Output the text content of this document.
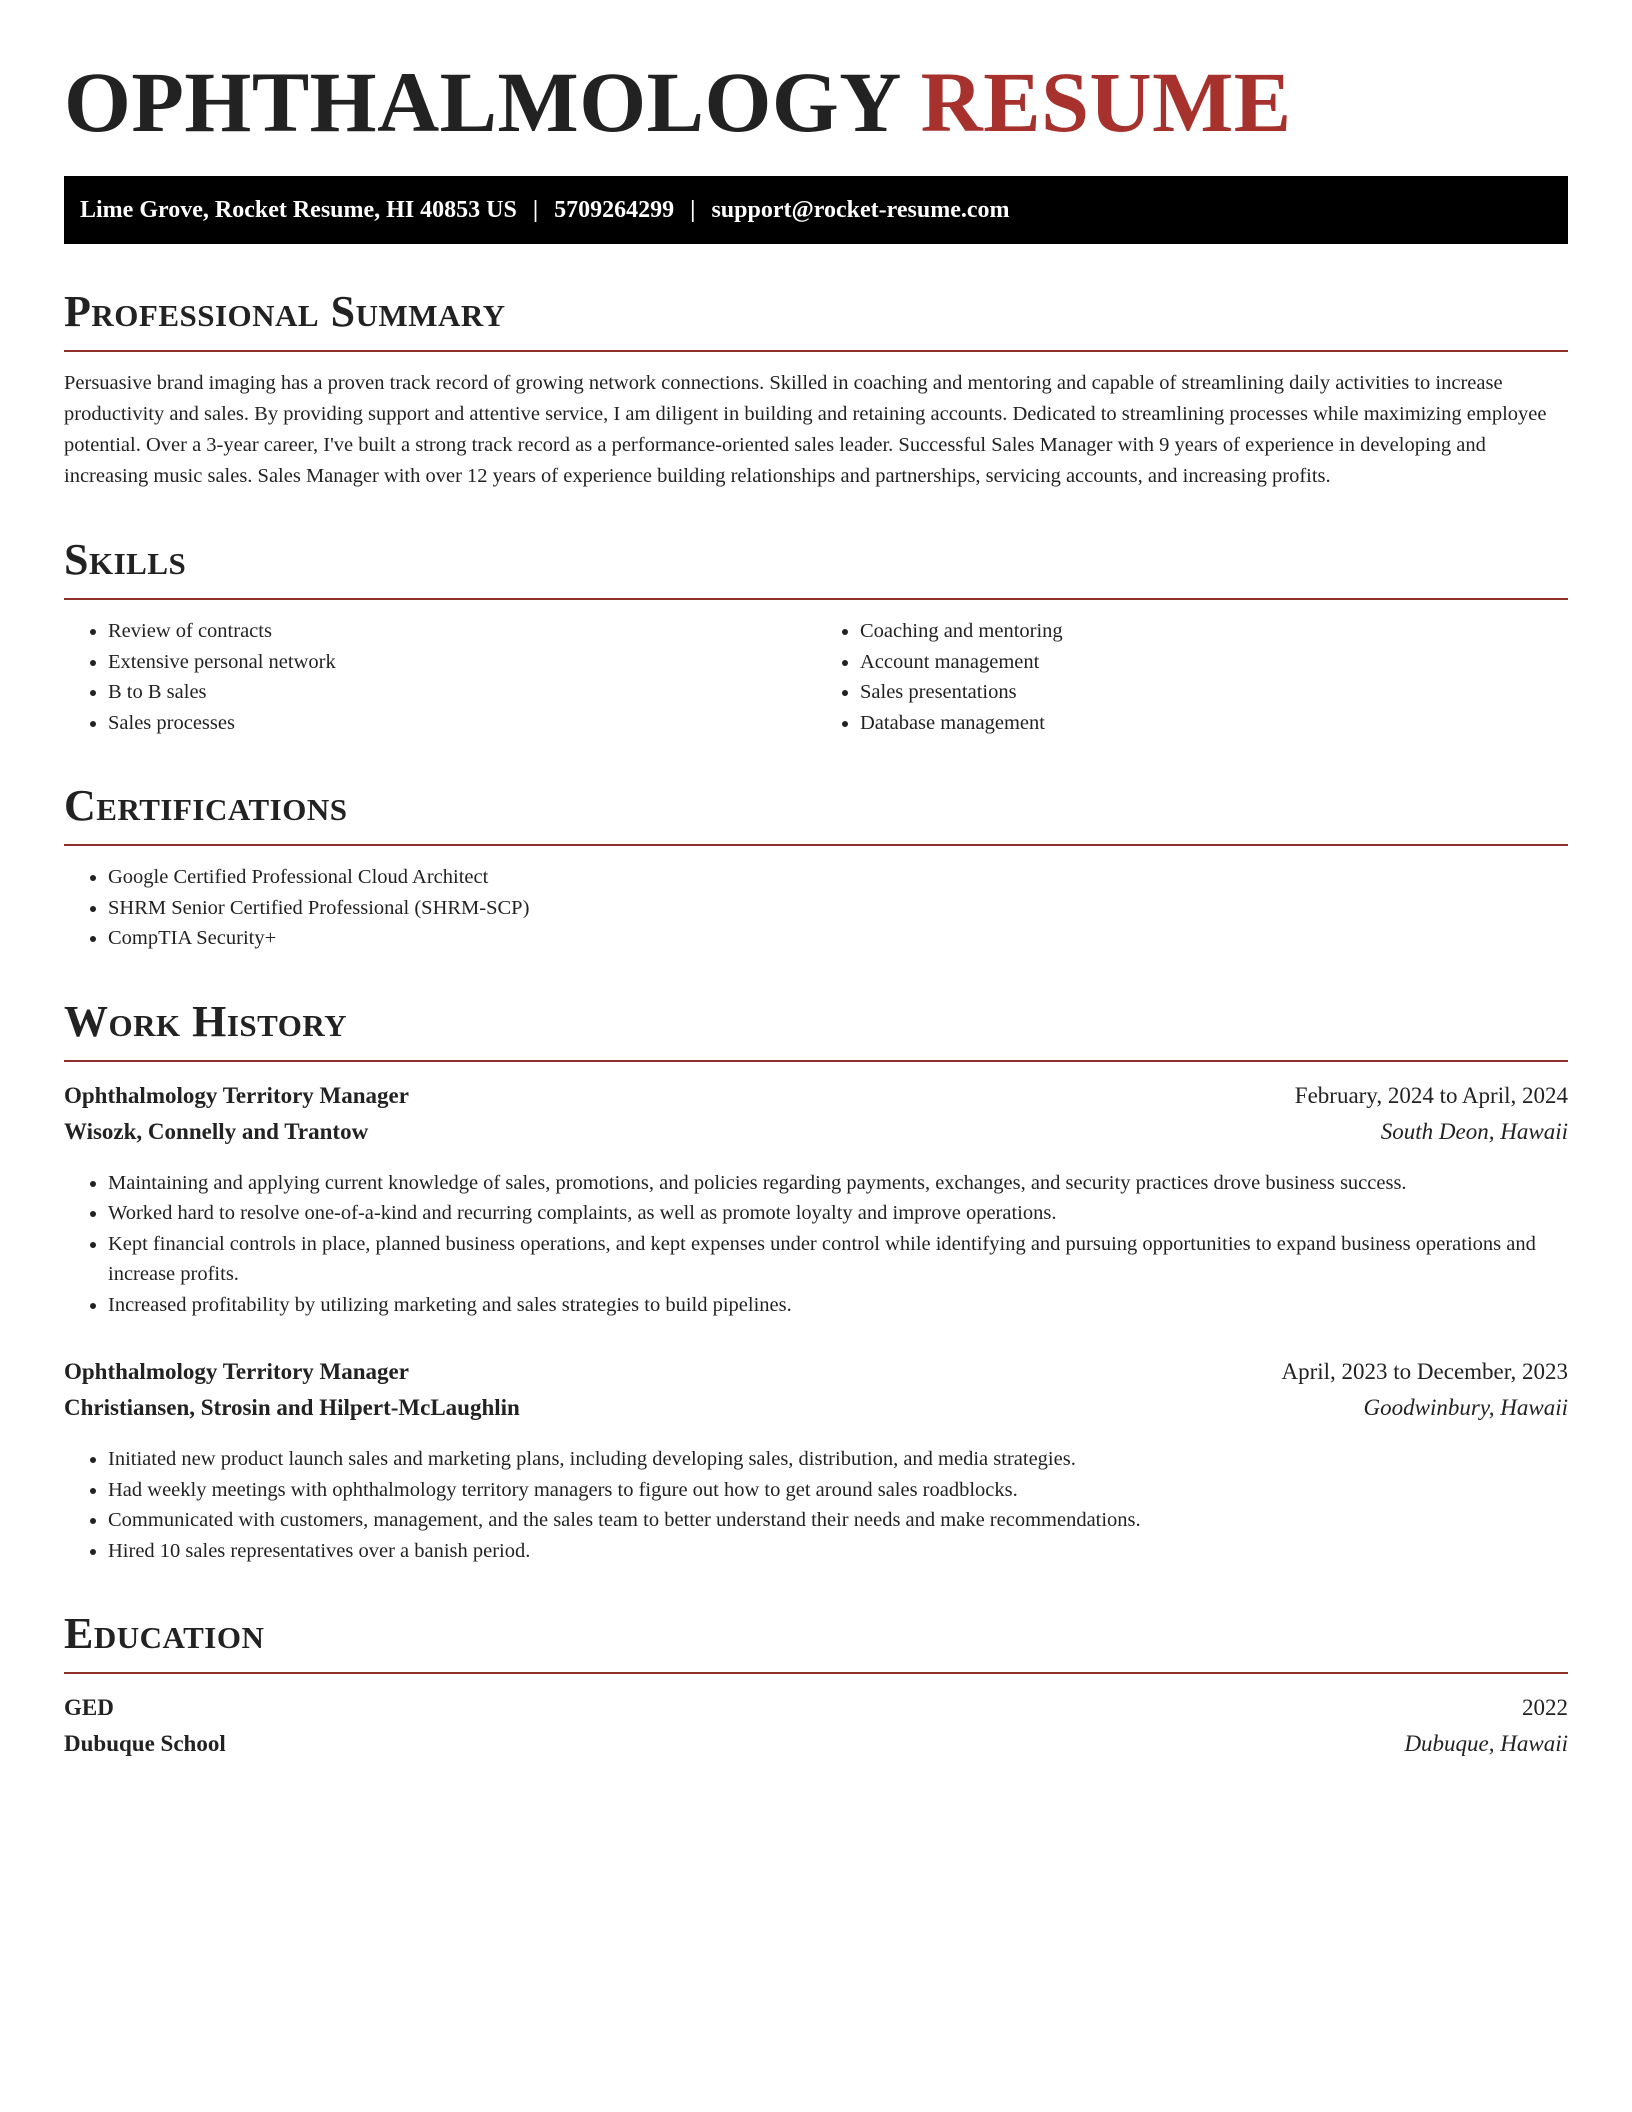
OPHTHALMOLOGY RESUME
Lime Grove, Rocket Resume, HI 40853 US | 5709264299 | support@rocket-resume.com
Professional Summary

Persuasive brand imaging has a proven track record of growing network connections. Skilled in coaching and mentoring and capable of streamlining daily activities to increase productivity and sales. By providing support and attentive service, I am diligent in building and retaining accounts. Dedicated to streamlining processes while maximizing employee potential. Over a 3-year career, I've built a strong track record as a performance-oriented sales leader. Successful Sales Manager with 9 years of experience in developing and increasing music sales. Sales Manager with over 12 years of experience building relationships and partnerships, servicing accounts, and increasing profits.

Skills
• Review of contracts
• Extensive personal network
• B to B sales
• Sales processes
• Coaching and mentoring
• Account management
• Sales presentations
• Database management
Certifications
• Google Certified Professional Cloud Architect
• SHRM Senior Certified Professional (SHRM-SCP)
• CompTIA Security+
Work History
Ophthalmology Territory Manager	February, 2024 to April, 2024
Wisozk, Connelly and Trantow	South Deon, Hawaii
• Maintaining and applying current knowledge of sales, promotions, and policies regarding payments, exchanges, and security practices drove business success.
• Worked hard to resolve one-of-a-kind and recurring complaints, as well as promote loyalty and improve operations.
• Kept financial controls in place, planned business operations, and kept expenses under control while identifying and pursuing opportunities to expand business operations and increase profits.
• Increased profitability by utilizing marketing and sales strategies to build pipelines.
Ophthalmology Territory Manager	April, 2023 to December, 2023
Christiansen, Strosin and Hilpert-McLaughlin	Goodwinbury, Hawaii
• Initiated new product launch sales and marketing plans, including developing sales, distribution, and media strategies.
• Had weekly meetings with ophthalmology territory managers to figure out how to get around sales roadblocks.
• Communicated with customers, management, and the sales team to better understand their needs and make recommendations.
• Hired 10 sales representatives over a banish period.
Education
GED	2022
Dubuque School	Dubuque, Hawaii
